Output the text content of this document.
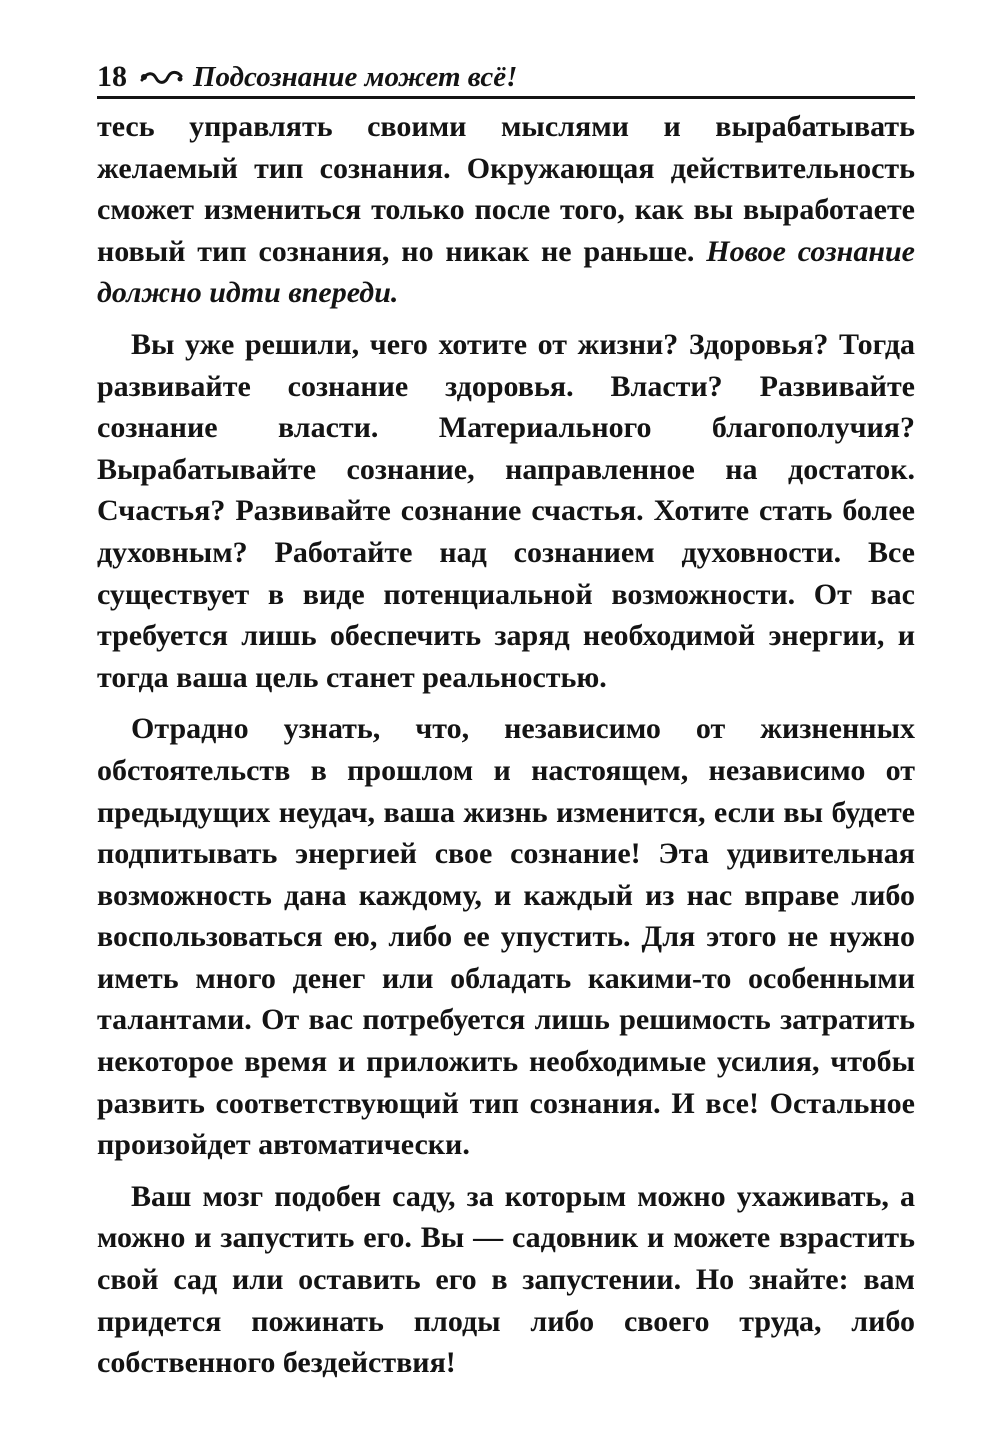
18 Подсознание может всё!

тесь управлять своими мыслями и вырабатывать желаемый тип сознания. Окружающая действительность сможет измениться только после того, как вы выработаете новый тип сознания, но никак не раньше. Новое сознание должно идти впереди.

Вы уже решили, чего хотите от жизни? Здоровья? Тогда развивайте сознание здоровья. Власти? Развивайте сознание власти. Материального благополучия? Вырабатывайте сознание, направленное на достаток. Счастья? Развивайте сознание счастья. Хотите стать более духовным? Работайте над сознанием духовности. Все существует в виде потенциальной возможности. От вас требуется лишь обеспечить заряд необходимой энергии, и тогда ваша цель станет реальностью.

Отрадно узнать, что, независимо от жизненных обстоятельств в прошлом и настоящем, независимо от предыдущих неудач, ваша жизнь изменится, если вы будете подпитывать энергией свое сознание! Эта удивительная возможность дана каждому, и каждый из нас вправе либо воспользоваться ею, либо ее упустить. Для этого не нужно иметь много денег или обладать какими-то особенными талантами. От вас потребуется лишь решимость затратить некоторое время и приложить необходимые усилия, чтобы развить соответствующий тип сознания. И все! Остальное произойдет автоматически.

Ваш мозг подобен саду, за которым можно ухаживать, а можно и запустить его. Вы — садовник и можете взрастить свой сад или оставить его в запустении. Но знайте: вам придется пожинать плоды либо своего труда, либо собственного бездействия!
